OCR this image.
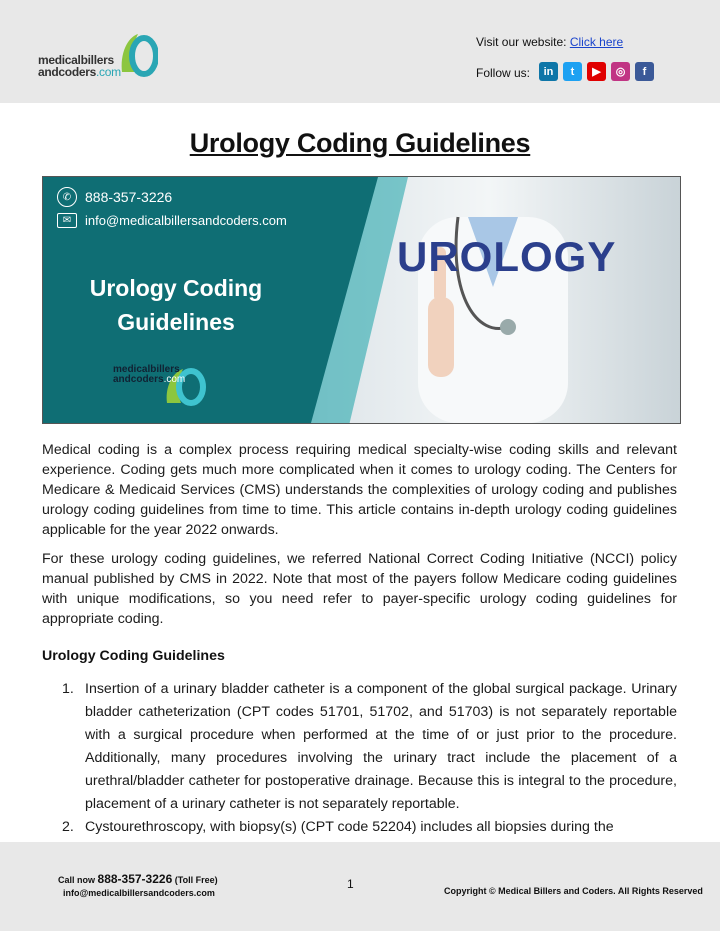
medicalbillers
andcoders.com
Visit our website: Click here
Follow us:	in	t	▶	◎	f
Urology Coding Guidelines
✆ 888-357-3226
✉	info@medicalbillersandcoders.com
Urology Coding
Guidelines
medicalbillers
andcoders.com
UROLOGY
Medical coding is a complex process requiring medical specialty-wise coding skills and relevant experience. Coding gets much more complicated when it comes to urology coding. The Centers for Medicare & Medicaid Services (CMS) understands the complexities of urology coding and publishes urology coding guidelines from time to time. This article contains in-depth urology coding guidelines applicable for the year 2022 onwards.
For these urology coding guidelines, we referred National Correct Coding Initiative (NCCI) policy manual published by CMS in 2022. Note that most of the payers follow Medicare coding guidelines with unique modifications, so you need refer to payer-specific urology coding guidelines for appropriate coding.
Urology Coding Guidelines
1. Insertion of a urinary bladder catheter is a component of the global surgical package. Urinary bladder catheterization (CPT codes 51701, 51702, and 51703) is not separately reportable with a surgical procedure when performed at the time of or just prior to the procedure. Additionally, many procedures involving the urinary tract include the placement of a urethral/bladder catheter for postoperative drainage. Because this is integral to the procedure, placement of a urinary catheter is not separately reportable.
2. Cystourethroscopy, with biopsy(s) (CPT code 52204) includes all biopsies during the
Call now 888-357-3226 (Toll Free)
info@medicalbillersandcoders.com
1	Copyright © Medical Billers and Coders. All Rights Reserved
